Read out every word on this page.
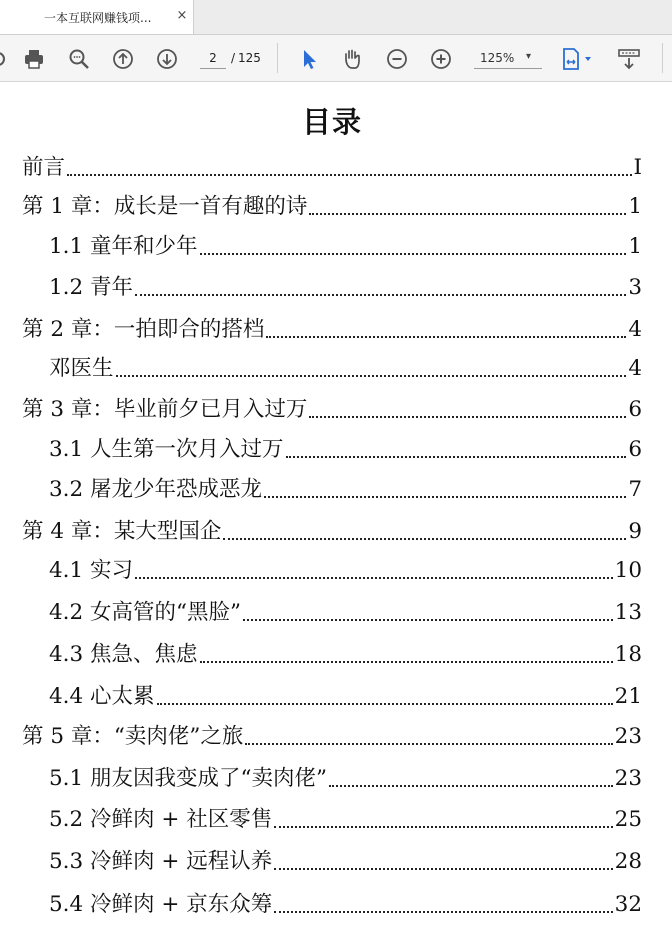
一本互联网赚钱项...	×
2	/ 125	125% ▾
目录
前言	I
第 1 章：成长是一首有趣的诗	1
1.1 童年和少年	1
1.2 青年	3
第 2 章：一拍即合的搭档	4
邓医生	4
第 3 章：毕业前夕已月入过万	6
3.1 人生第一次月入过万	6
3.2 屠龙少年恐成恶龙	7
第 4 章：某大型国企	9
4.1 实习	10
4.2 女高管的“黑脸”	13
4.3 焦急、焦虑	18
4.4 心太累	21
第 5 章：“卖肉佬”之旅	23
5.1 朋友因我变成了“卖肉佬”	23
5.2 冷鲜肉 + 社区零售	25
5.3 冷鲜肉 + 远程认养	28
5.4 冷鲜肉 + 京东众筹	32
